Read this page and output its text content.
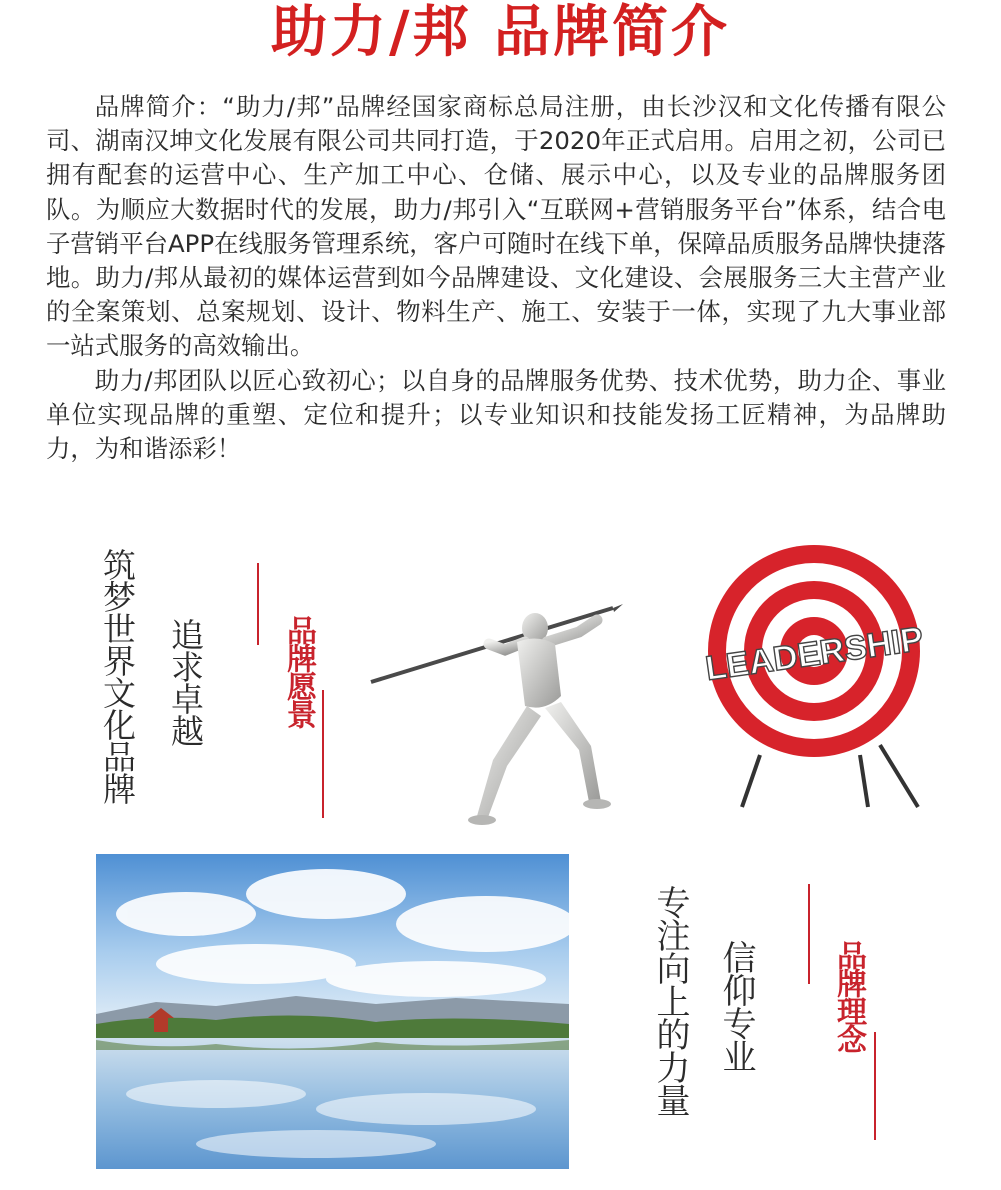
助力/邦 品牌简介

品牌简介：“助力/邦”品牌经国家商标总局注册，由长沙汉和文化传播有限公司、湖南汉坤文化发展有限公司共同打造，于2020年正式启用。启用之初，公司已拥有配套的运营中心、生产加工中心、仓储、展示中心，以及专业的品牌服务团队。为顺应大数据时代的发展，助力/邦引入“互联网+营销服务平台”体系，结合电子营销平台APP在线服务管理系统，客户可随时在线下单，保障品质服务品牌快捷落地。助力/邦从最初的媒体运营到如今品牌建设、文化建设、会展服务三大主营产业的全案策划、总案规划、设计、物料生产、施工、安装于一体，实现了九大事业部一站式服务的高效输出。

助力/邦团队以匠心致初心；以自身的品牌服务优势、技术优势，助力企、事业单位实现品牌的重塑、定位和提升；以专业知识和技能发扬工匠精神，为品牌助力，为和谐添彩！

筑梦世界文化品牌 追求卓越	品牌愿景	LEADERSHIP
专注向上的力量 信仰专业	品牌理念
